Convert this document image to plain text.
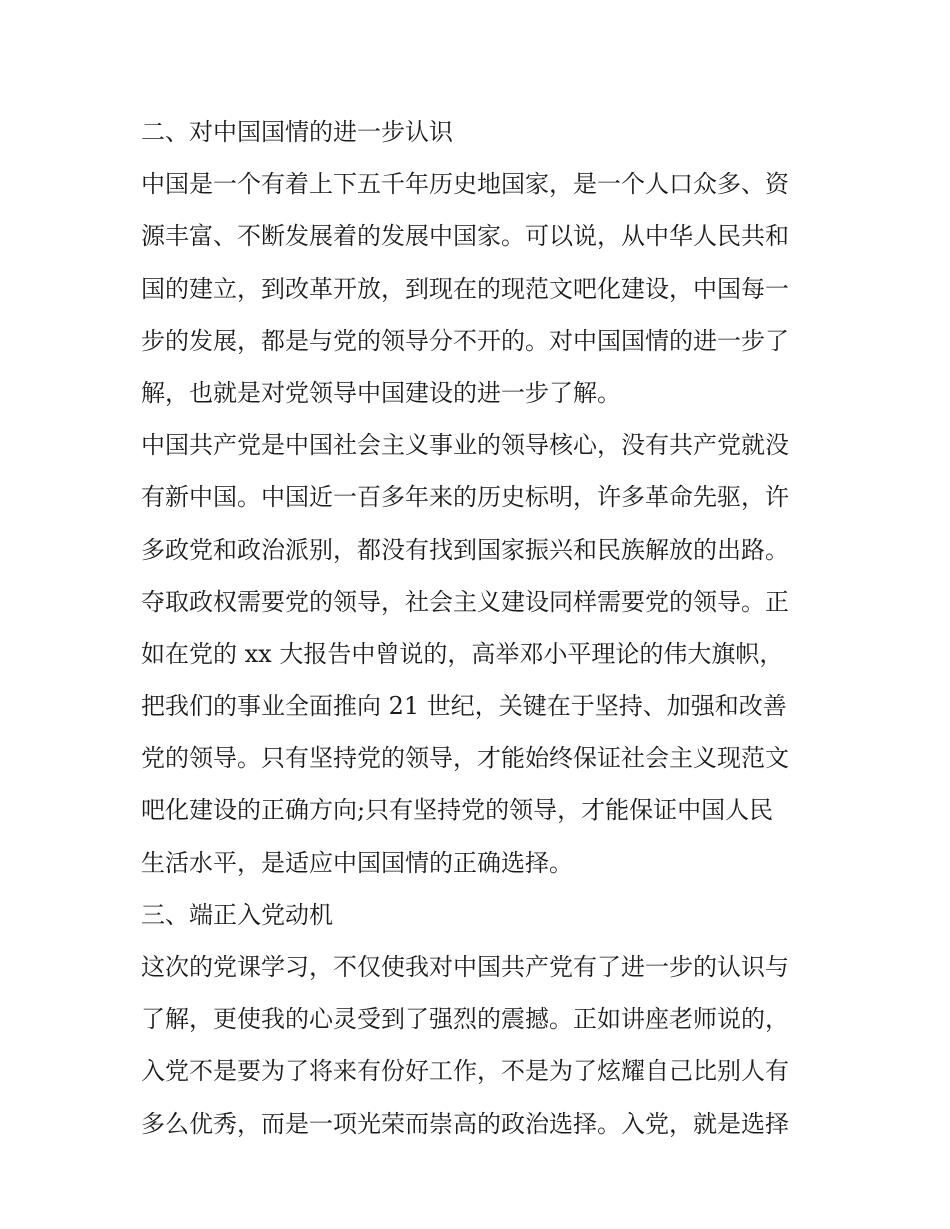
二、对中国国情的进一步认识
中国是一个有着上下五千年历史地国家，是一个人口众多、资
源丰富、不断发展着的发展中国家。可以说，从中华人民共和
国的建立，到改革开放，到现在的现范文吧化建设，中国每一
步的发展，都是与党的领导分不开的。对中国国情的进一步了
解，也就是对党领导中国建设的进一步了解。
中国共产党是中国社会主义事业的领导核心，没有共产党就没
有新中国。中国近一百多年来的历史标明，许多革命先驱，许
多政党和政治派别，都没有找到国家振兴和民族解放的出路。
夺取政权需要党的领导，社会主义建设同样需要党的领导。正
如在党的 xx 大报告中曾说的，高举邓小平理论的伟大旗帜，
把我们的事业全面推向 21 世纪，关键在于坚持、加强和改善
党的领导。只有坚持党的领导，才能始终保证社会主义现范文
吧化建设的正确方向;只有坚持党的领导，才能保证中国人民
生活水平，是适应中国国情的正确选择。
三、端正入党动机
这次的党课学习，不仅使我对中国共产党有了进一步的认识与
了解，更使我的心灵受到了强烈的震撼。正如讲座老师说的，
入党不是要为了将来有份好工作，不是为了炫耀自己比别人有
多么优秀，而是一项光荣而崇高的政治选择。入党，就是选择
